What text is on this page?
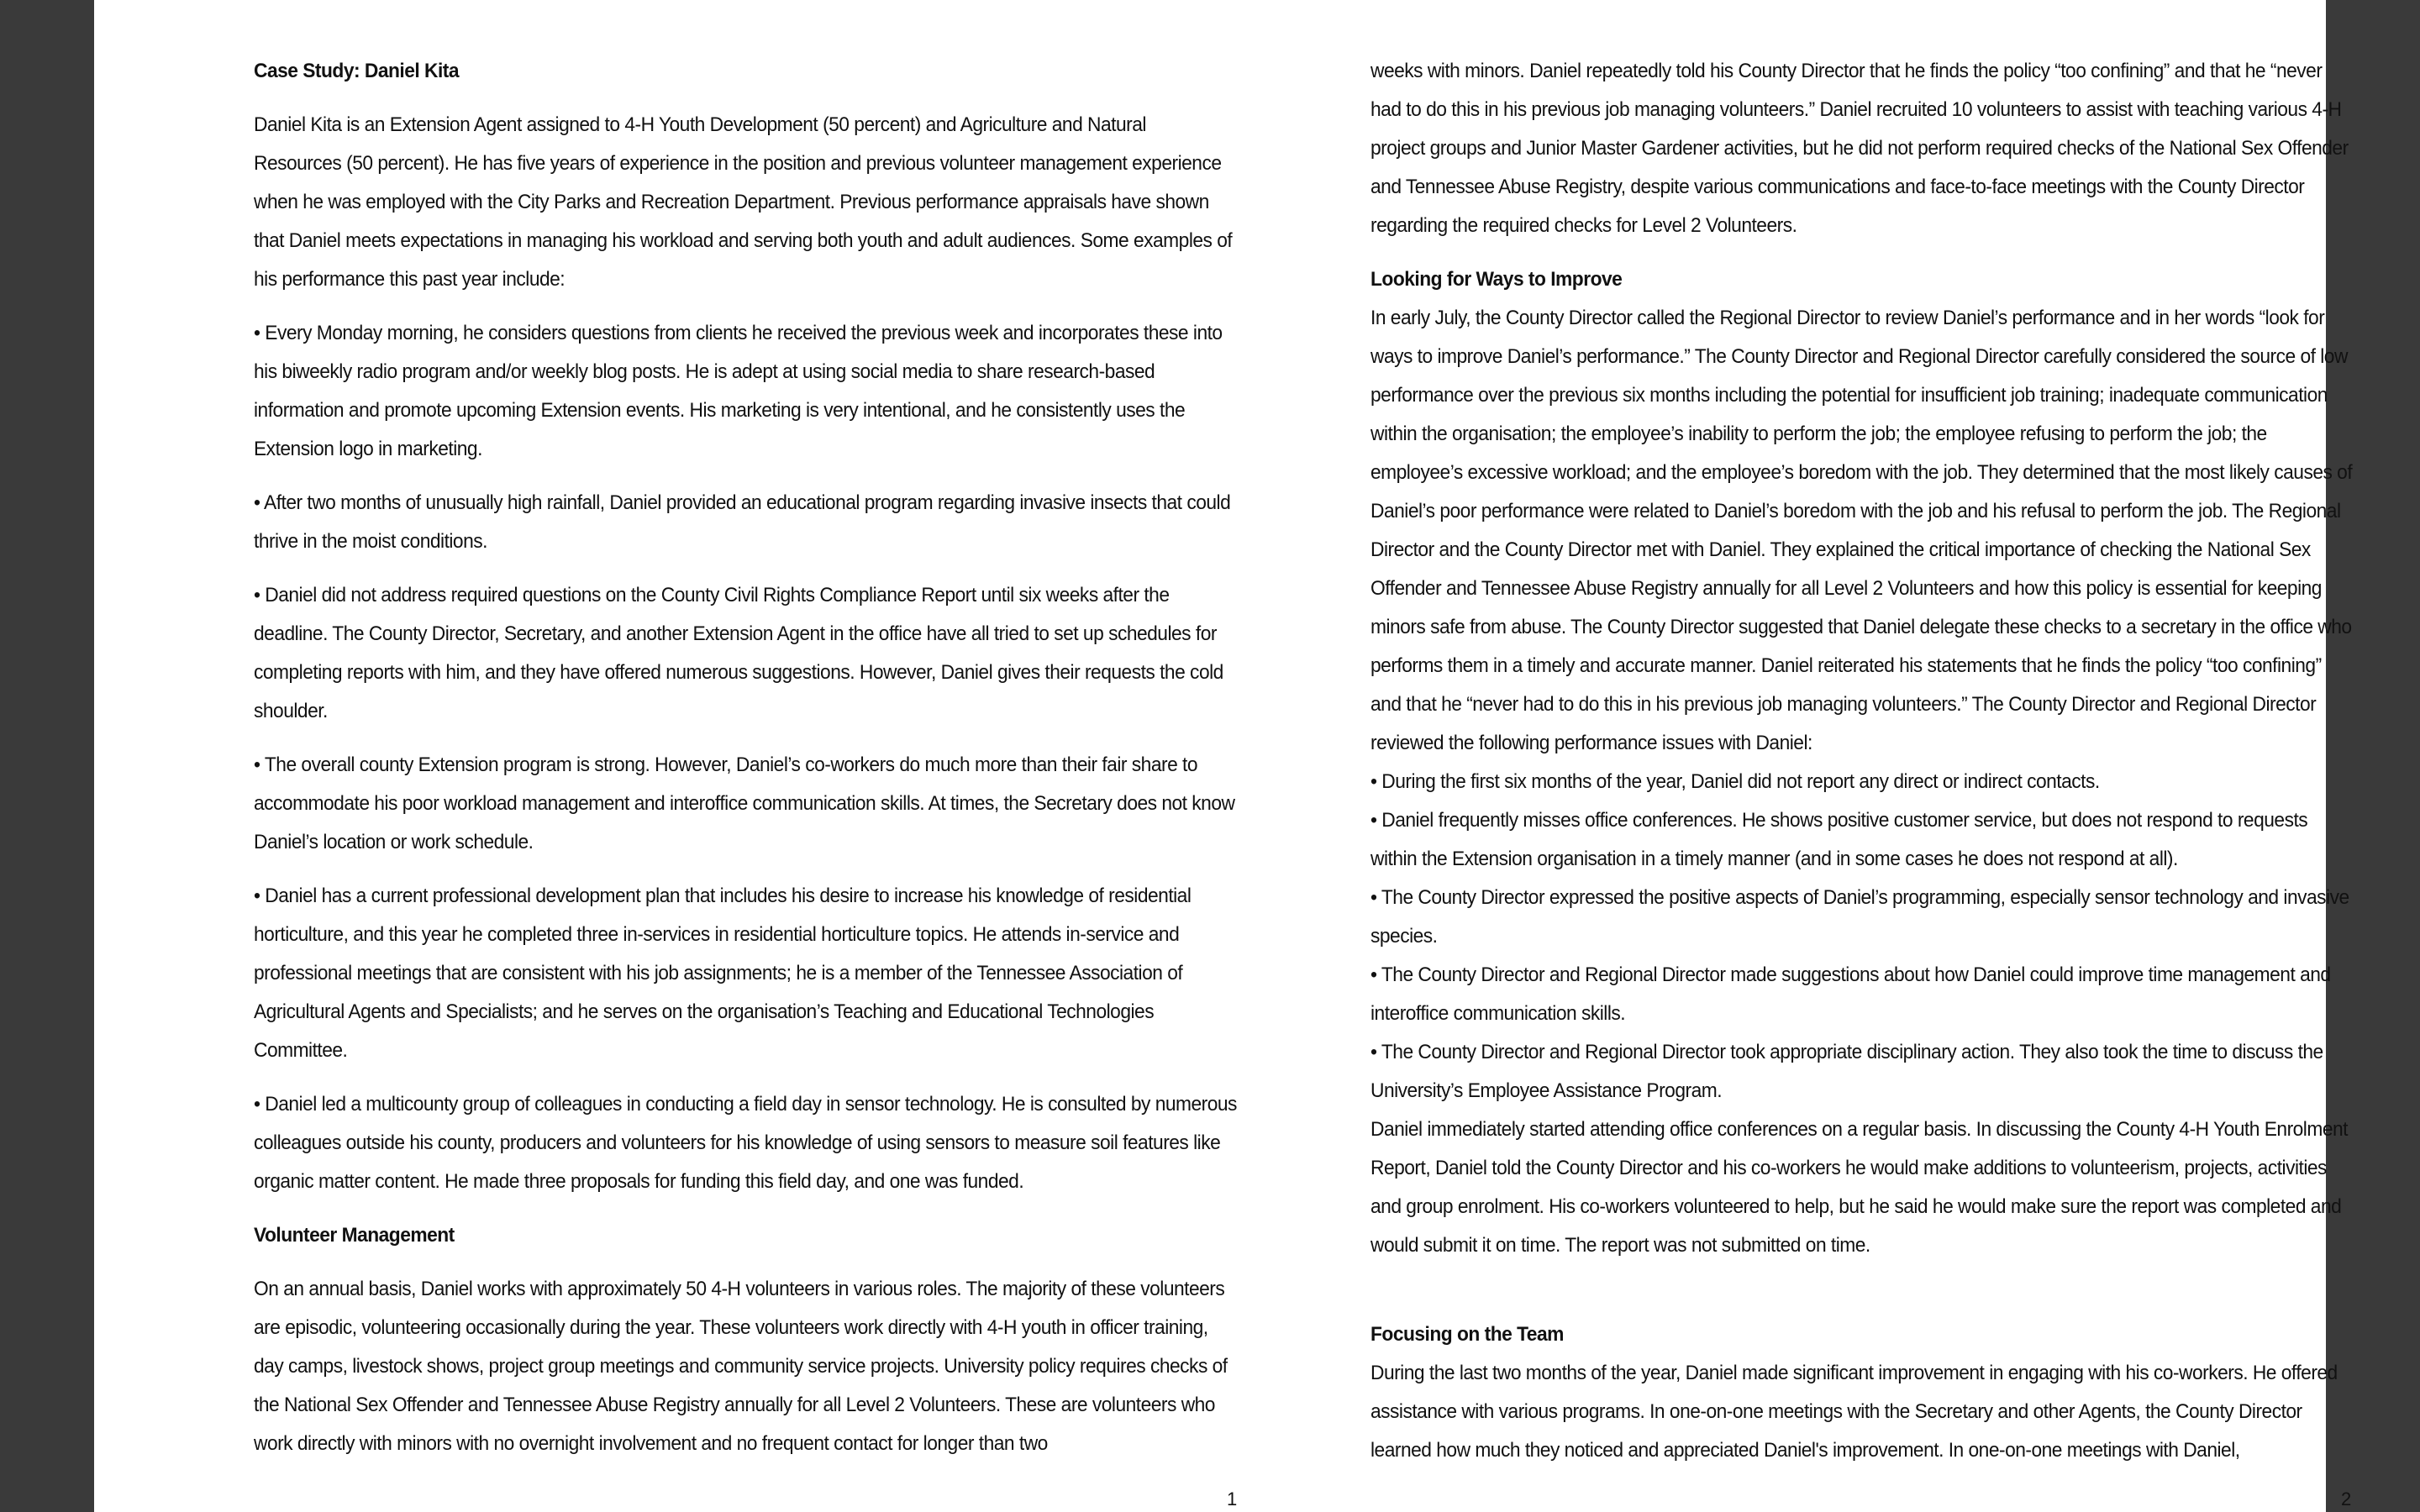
Case Study: Daniel Kita
Daniel Kita is an Extension Agent assigned to 4-H Youth Development (50 percent) and Agriculture and Natural Resources (50 percent). He has five years of experience in the position and previous volunteer management experience when he was employed with the City Parks and Recreation Department. Previous performance appraisals have shown that Daniel meets expectations in managing his workload and serving both youth and adult audiences. Some examples of his performance this past year include:
• Every Monday morning, he considers questions from clients he received the previous week and incorporates these into his biweekly radio program and/or weekly blog posts. He is adept at using social media to share research-based information and promote upcoming Extension events. His marketing is very intentional, and he consistently uses the Extension logo in marketing.
• After two months of unusually high rainfall, Daniel provided an educational program regarding invasive insects that could thrive in the moist conditions.
• Daniel did not address required questions on the County Civil Rights Compliance Report until six weeks after the deadline. The County Director, Secretary, and another Extension Agent in the office have all tried to set up schedules for completing reports with him, and they have offered numerous suggestions. However, Daniel gives their requests the cold shoulder.
• The overall county Extension program is strong. However, Daniel’s co-workers do much more than their fair share to accommodate his poor workload management and interoffice communication skills. At times, the Secretary does not know Daniel’s location or work schedule.
• Daniel has a current professional development plan that includes his desire to increase his knowledge of residential horticulture, and this year he completed three in-services in residential horticulture topics. He attends in-service and professional meetings that are consistent with his job assignments; he is a member of the Tennessee Association of Agricultural Agents and Specialists; and he serves on the organisation’s Teaching and Educational Technologies Committee.
• Daniel led a multicounty group of colleagues in conducting a field day in sensor technology. He is consulted by numerous colleagues outside his county, producers and volunteers for his knowledge of using sensors to measure soil features like organic matter content. He made three proposals for funding this field day, and one was funded.
Volunteer Management
On an annual basis, Daniel works with approximately 50 4-H volunteers in various roles. The majority of these volunteers are episodic, volunteering occasionally during the year. These volunteers work directly with 4-H youth in officer training, day camps, livestock shows, project group meetings and community service projects. University policy requires checks of the National Sex Offender and Tennessee Abuse Registry annually for all Level 2 Volunteers. These are volunteers who work directly with minors with no overnight involvement and no frequent contact for longer than two
weeks with minors. Daniel repeatedly told his County Director that he finds the policy “too confining” and that he “never had to do this in his previous job managing volunteers.” Daniel recruited 10 volunteers to assist with teaching various 4-H project groups and Junior Master Gardener activities, but he did not perform required checks of the National Sex Offender and Tennessee Abuse Registry, despite various communications and face-to-face meetings with the County Director regarding the required checks for Level 2 Volunteers.
Looking for Ways to Improve
In early July, the County Director called the Regional Director to review Daniel’s performance and in her words “look for ways to improve Daniel’s performance.” The County Director and Regional Director carefully considered the source of low performance over the previous six months including the potential for insufficient job training; inadequate communication within the organisation; the employee’s inability to perform the job; the employee refusing to perform the job; the employee’s excessive workload; and the employee’s boredom with the job. They determined that the most likely causes of Daniel’s poor performance were related to Daniel’s boredom with the job and his refusal to perform the job. The Regional Director and the County Director met with Daniel. They explained the critical importance of checking the National Sex Offender and Tennessee Abuse Registry annually for all Level 2 Volunteers and how this policy is essential for keeping minors safe from abuse. The County Director suggested that Daniel delegate these checks to a secretary in the office who performs them in a timely and accurate manner. Daniel reiterated his statements that he finds the policy “too confining” and that he “never had to do this in his previous job managing volunteers.” The County Director and Regional Director reviewed the following performance issues with Daniel:
• During the first six months of the year, Daniel did not report any direct or indirect contacts.
• Daniel frequently misses office conferences. He shows positive customer service, but does not respond to requests within the Extension organisation in a timely manner (and in some cases he does not respond at all).
• The County Director expressed the positive aspects of Daniel’s programming, especially sensor technology and invasive species.
• The County Director and Regional Director made suggestions about how Daniel could improve time management and interoffice communication skills.
• The County Director and Regional Director took appropriate disciplinary action. They also took the time to discuss the University’s Employee Assistance Program.
Daniel immediately started attending office conferences on a regular basis. In discussing the County 4-H Youth Enrolment Report, Daniel told the County Director and his co-workers he would make additions to volunteerism, projects, activities and group enrolment. His co-workers volunteered to help, but he said he would make sure the report was completed and would submit it on time. The report was not submitted on time.
Focusing on the Team
During the last two months of the year, Daniel made significant improvement in engaging with his co-workers. He offered assistance with various programs. In one-on-one meetings with the Secretary and other Agents, the County Director learned how much they noticed and appreciated Daniel's improvement. In one-on-one meetings with Daniel,
1	2
